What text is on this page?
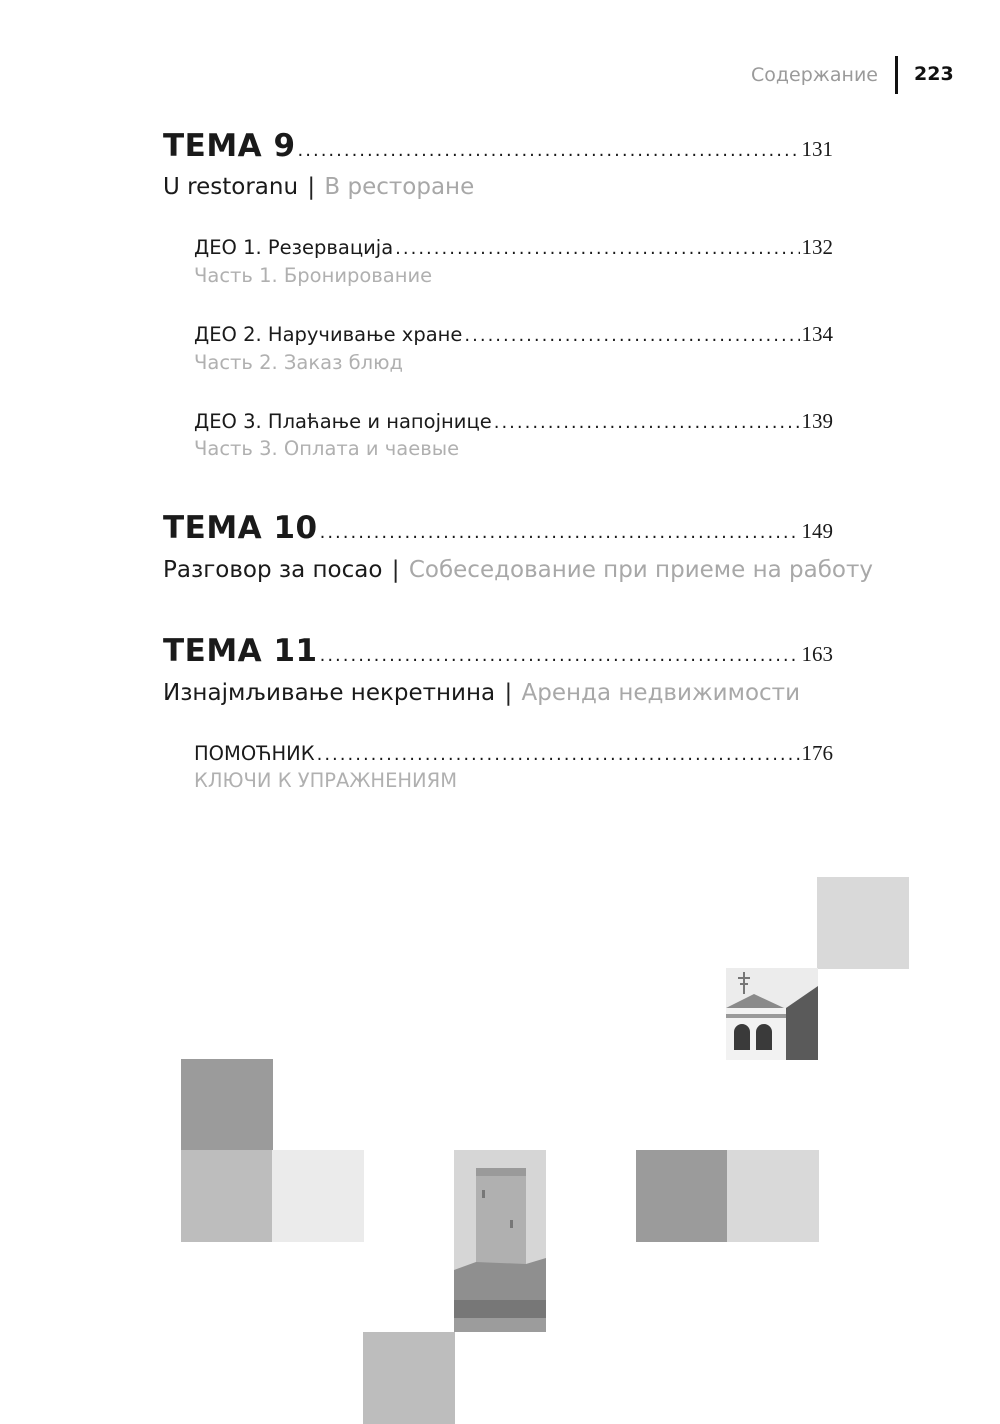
Содержание 223
ТЕМА 9 .....	131
U restoranu | В ресторане
ДЕО 1. Резервација .....	132
Часть 1. Бронирование
ДЕО 2. Наручивање хране .....	134
Часть 2. Заказ блюд
ДЕО 3. Плаћање и напојнице .....	139
Часть 3. Оплата и чаевые
ТЕМА 10 .....	149
Разговор за посао | Собеседование при приеме на работу
ТЕМА 11 .....	163
Изнајмљивање некретнина | Аренда недвижимости
ПОМОЋНИК .....	176
КЛЮЧИ К УПРАЖНЕНИЯМ
